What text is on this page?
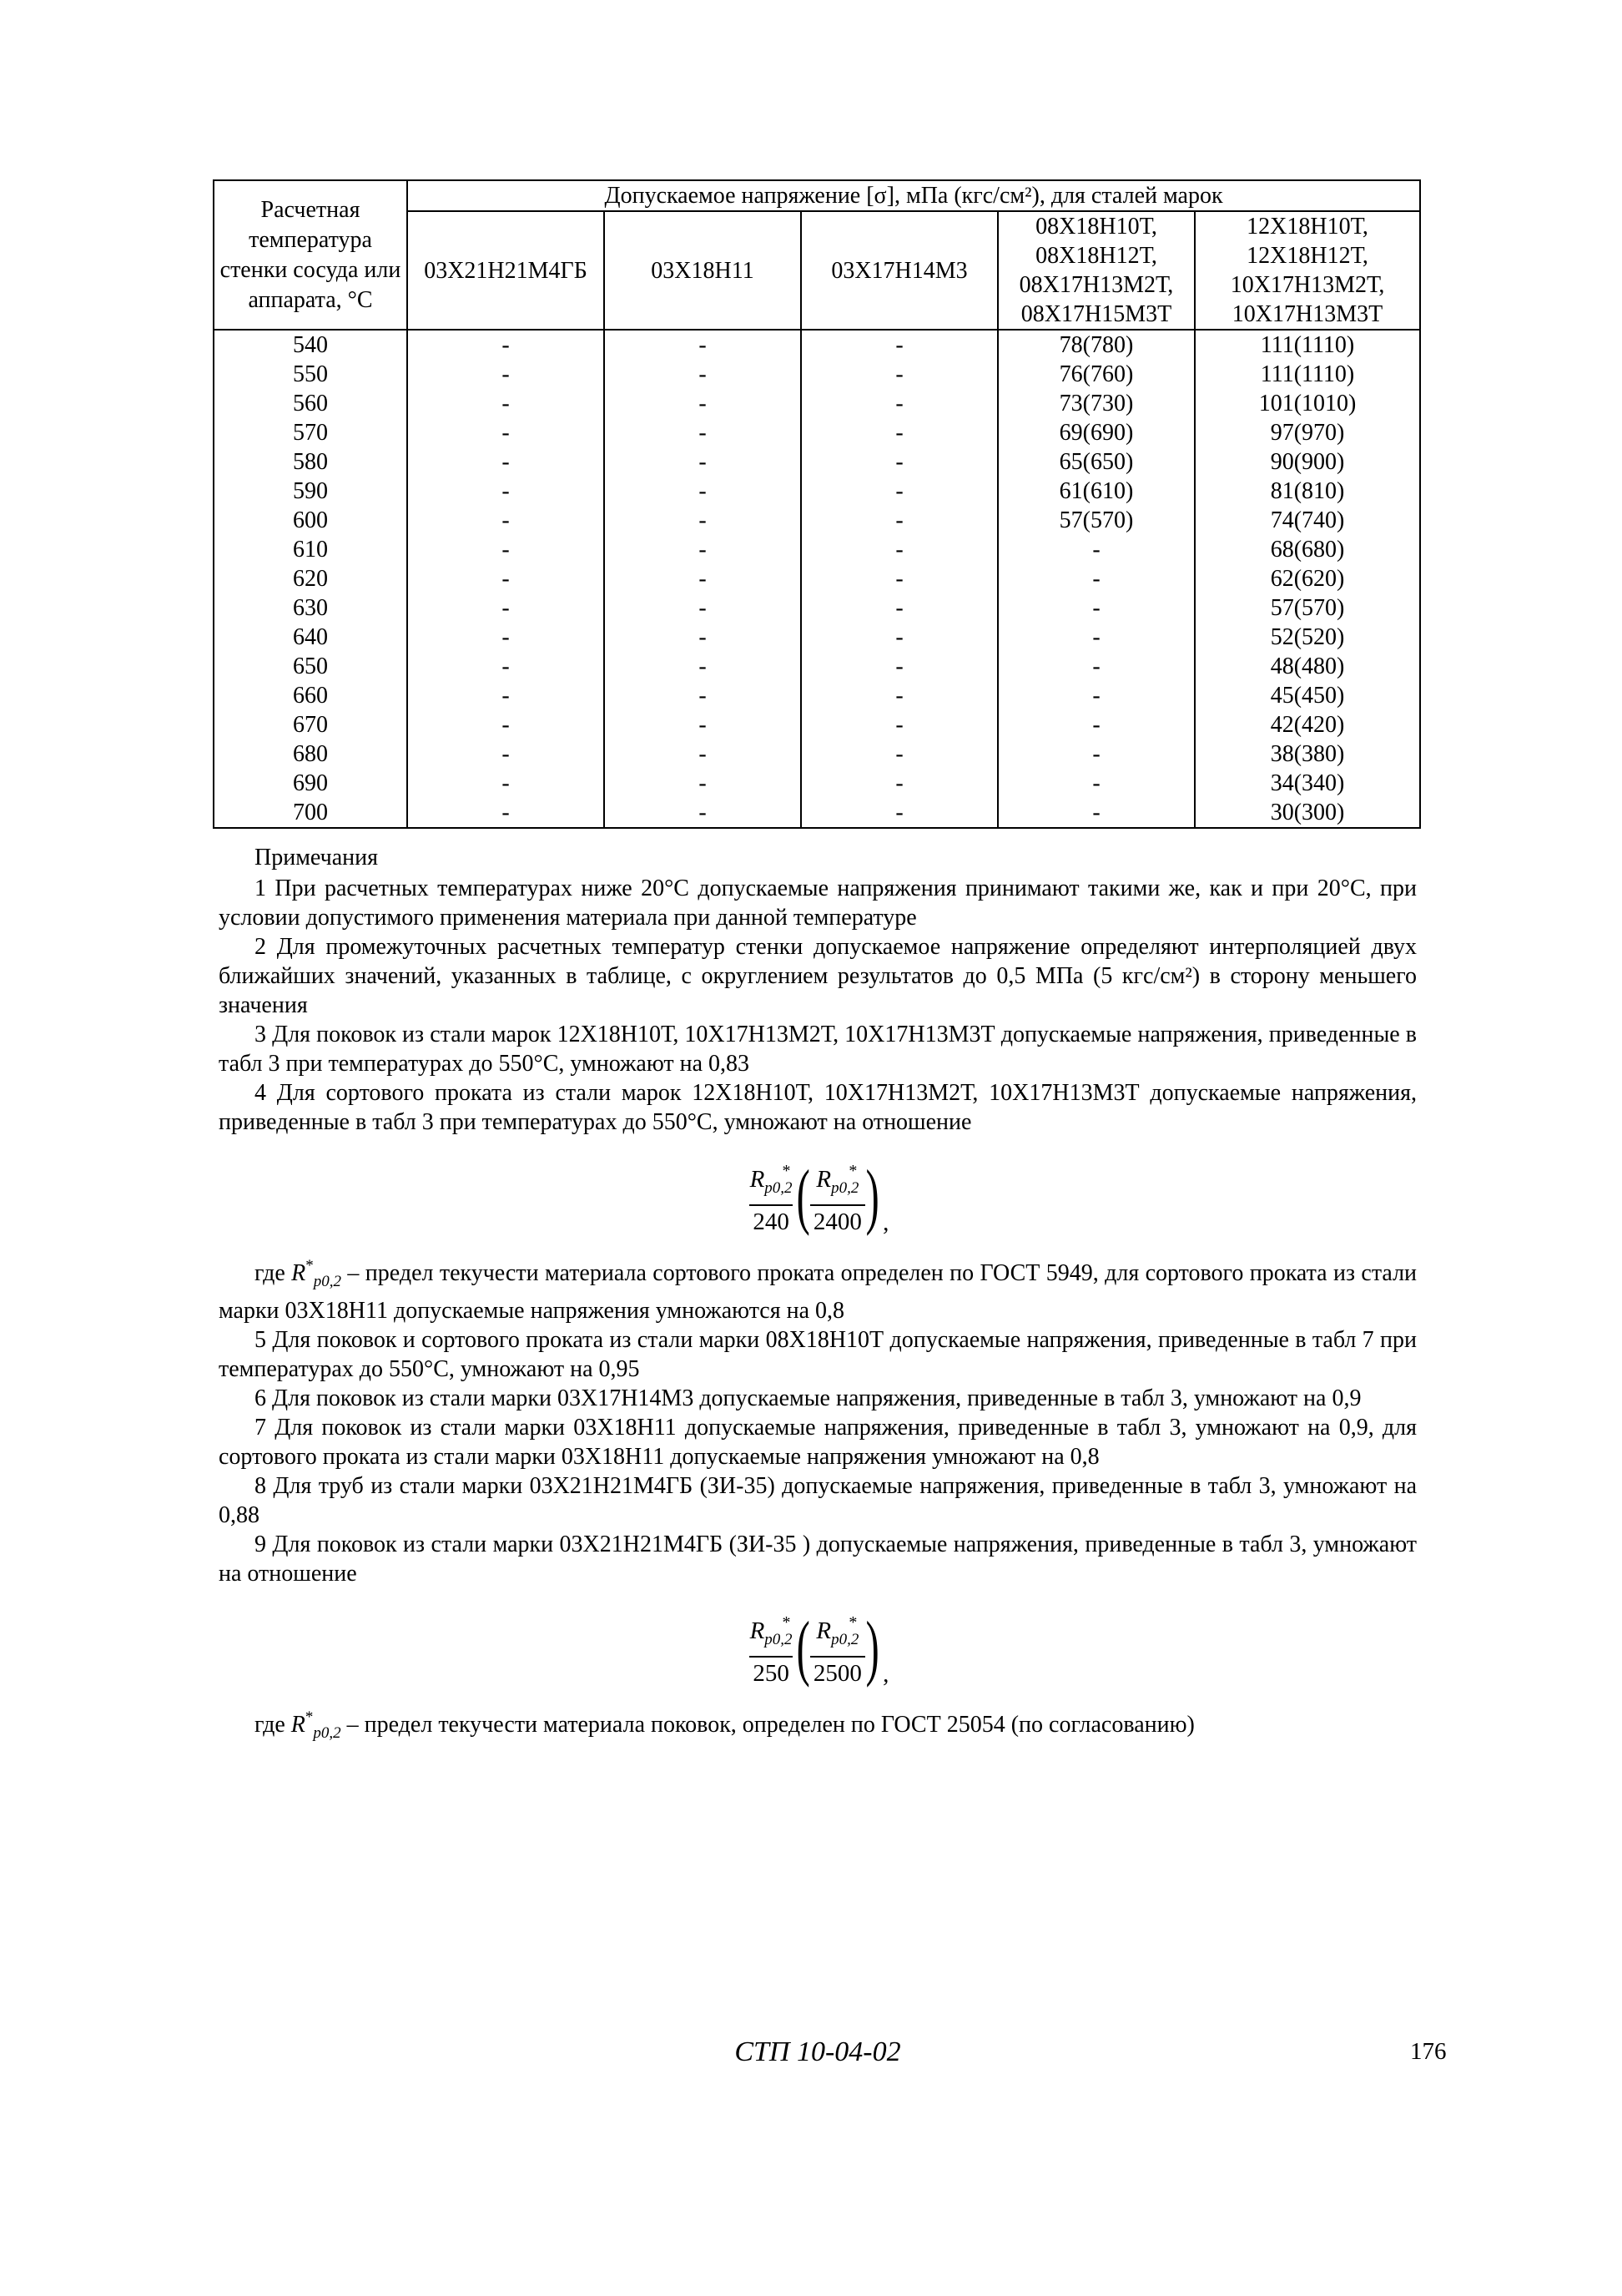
Расчетная температура стенки сосуда или аппарата, °С	Допускаемое напряжение [σ], мПа (кгс/см²), для сталей марок				
	03Х21Н21М4ГБ	03Х18Н11	03Х17Н14М3	08Х18Н10Т, 08Х18Н12Т, 08Х17Н13М2Т, 08Х17Н15М3Т	12Х18Н10Т, 12Х18Н12Т, 10Х17Н13М2Т, 10Х17Н13М3Т
540	-	-	-	78(780)	111(1110)
550	-	-	-	76(760)	111(1110)
560	-	-	-	73(730)	101(1010)
570	-	-	-	69(690)	97(970)
580	-	-	-	65(650)	90(900)
590	-	-	-	61(610)	81(810)
600	-	-	-	57(570)	74(740)
610	-	-	-	-	68(680)
620	-	-	-	-	62(620)
630	-	-	-	-	57(570)
640	-	-	-	-	52(520)
650	-	-	-	-	48(480)
660	-	-	-	-	45(450)
670	-	-	-	-	42(420)
680	-	-	-	-	38(380)
690	-	-	-	-	34(340)
700	-	-	-	-	30(300)

Примечания

1 При расчетных температурах ниже 20°С допускаемые напряжения принимают такими же, как и при 20°С, при условии допустимого применения материала при данной температуре

2 Для промежуточных расчетных температур стенки допускаемое напряжение определяют интерполяцией двух ближайших значений, указанных в таблице, с округлением результатов до 0,5 МПа (5 кгс/см²) в сторону меньшего значения

3 Для поковок из стали марок 12Х18Н10Т, 10Х17Н13М2Т, 10Х17Н13М3Т допускаемые напряжения, приведенные в табл 3 при температурах до 550°С, умножают на 0,83

4 Для сортового проката из стали марок 12Х18Н10Т, 10Х17Н13М2Т, 10Х17Н13М3Т допускаемые напряжения, приведенные в табл 3 при температурах до 550°С, умножают на отношение

$\frac{R_{p0,2}^*}{240}$ ( $\frac{R_{p0,2}^*}{2400}$ ) ,

где $R^*_{p0,2}$ – предел текучести материала сортового проката определен по ГОСТ 5949, для сортового проката из стали марки 03Х18Н11 допускаемые напряжения умножаются на 0,8

5 Для поковок и сортового проката из стали марки 08Х18Н10Т допускаемые напряжения, приведенные в табл 7 при температурах до 550°С, умножают на 0,95

6 Для поковок из стали марки 03Х17Н14М3 допускаемые напряжения, приведенные в табл 3, умножают на 0,9

7 Для поковок из стали марки 03Х18Н11 допускаемые напряжения, приведенные в табл 3, умножают на 0,9, для сортового проката из стали марки 03Х18Н11 допускаемые напряжения умножают на 0,8

8 Для труб из стали марки 03Х21Н21М4ГБ (ЗИ-35) допускаемые напряжения, приведенные в табл 3, умножают на 0,88

9 Для поковок из стали марки 03Х21Н21М4ГБ (ЗИ-35 ) допускаемые напряжения, приведенные в табл 3, умножают на отношение

$\frac{R_{p0,2}^*}{250}$ ( $\frac{R_{p0,2}^*}{2500}$ ) ,

где $R^*_{p0,2}$ – предел текучести материала поковок, определен по ГОСТ 25054 (по согласованию)

СТП 10-04-02	176
